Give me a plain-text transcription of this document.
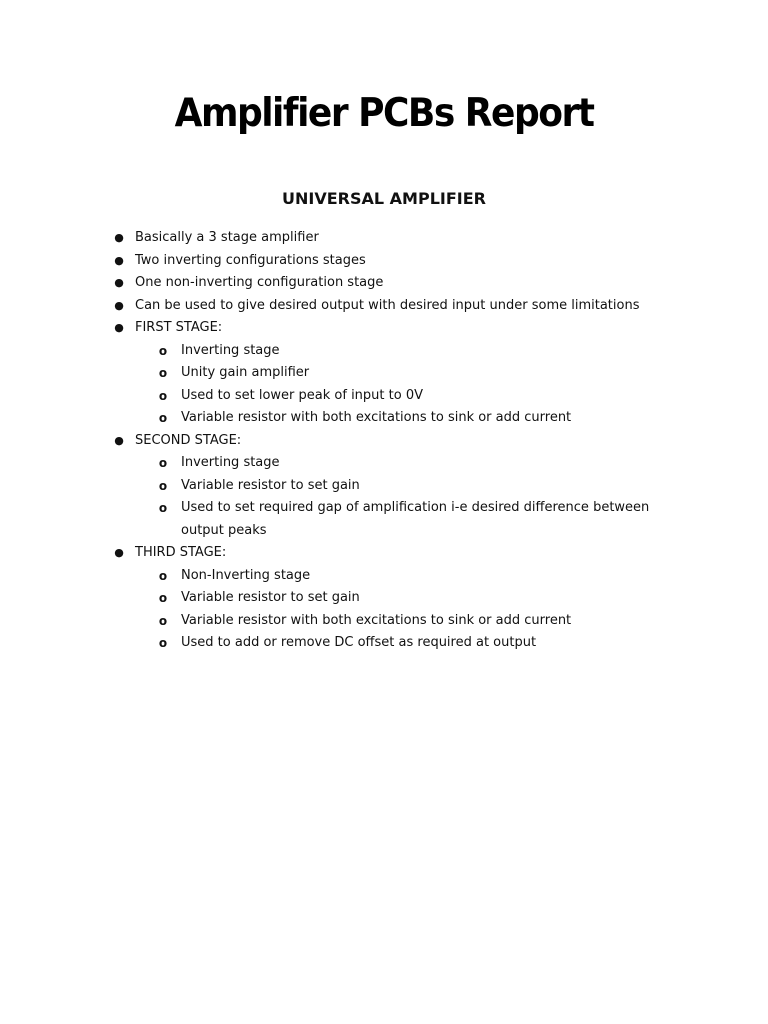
Amplifier PCBs Report
UNIVERSAL AMPLIFIER
● Basically a 3 stage amplifier
● Two inverting configurations stages
● One non-inverting configuration stage
● Can be used to give desired output with desired input under some limitations
● FIRST STAGE:
o Inverting stage
o Unity gain amplifier
o Used to set lower peak of input to 0V
o Variable resistor with both excitations to sink or add current
● SECOND STAGE:
o Inverting stage
o Variable resistor to set gain
o Used to set required gap of amplification i-e desired difference between output peaks
● THIRD STAGE:
o Non-Inverting stage
o Variable resistor to set gain
o Variable resistor with both excitations to sink or add current
o Used to add or remove DC offset as required at output
